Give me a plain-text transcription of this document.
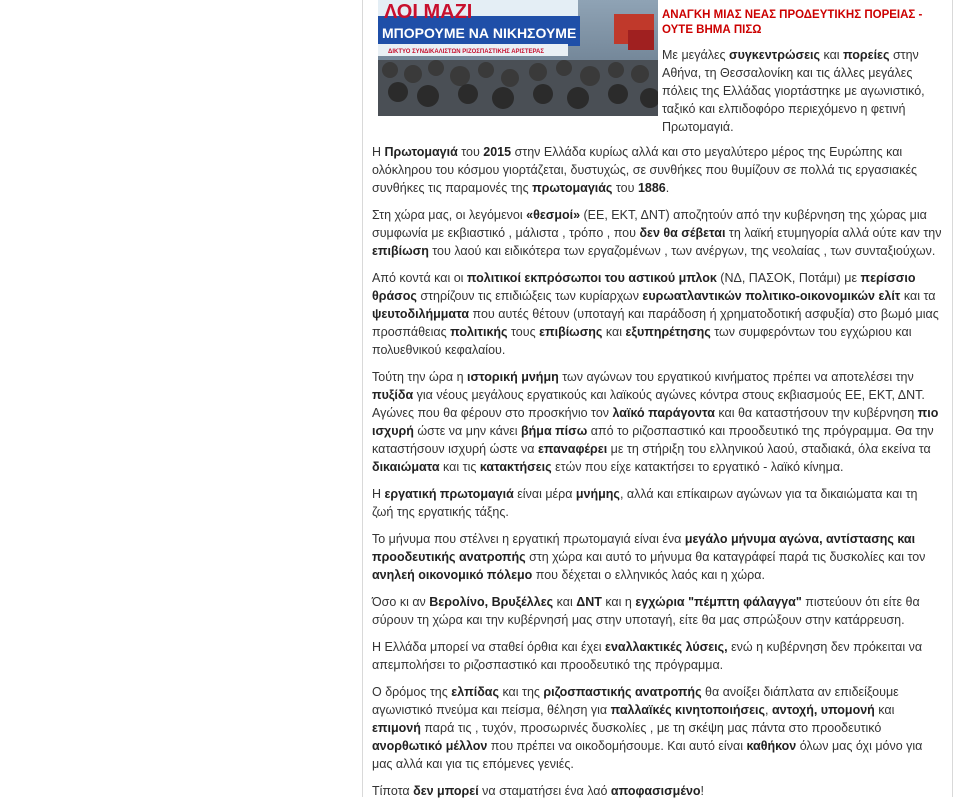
ΛΟΙ ΜΑΖΙ
ΜΠΟΡΟΥΜΕ ΝΑ ΝΙΚΗΣΟΥΜΕ
ΔΙΚΤΥΟ ΣΥΝΔΙΚΑΛΙΣΤΩΝ ΡΙΖΟΣΠΑΣΤΙΚΗΣ ΑΡΙΣΤΕΡΑΣ
ΑΝΑΓΚΗ ΜΙΑΣ ΝΕΑΣ ΠΡΟΔΕΥΤΙΚΗΣ ΠΟΡΕΙΑΣ - ΟΥΤΕ ΒΗΜΑ ΠΙΣΩ

Με μεγάλες συγκεντρώσεις και πορείες στην Αθήνα, τη Θεσσαλονίκη και τις άλλες μεγάλες πόλεις της Ελλάδας γιορτάστηκε με αγωνιστικό, ταξικό και ελπιδοφόρο περιεχόμενο η φετινή Πρωτομαγιά.

Η Πρωτομαγιά του 2015 στην Ελλάδα κυρίως αλλά και στο μεγαλύτερο μέρος της Ευρώπης και ολόκληρου του κόσμου γιορτάζεται, δυστυχώς, σε συνθήκες που θυμίζουν σε πολλά τις εργασιακές συνθήκες τις παραμονές της πρωτομαγιάς του 1886.

Στη χώρα μας, οι λεγόμενοι «θεσμοί» (ΕΕ, ΕΚΤ, ΔΝΤ) αποζητούν από την κυβέρνηση της χώρας μια συμφωνία με εκβιαστικό , μάλιστα , τρόπο , που δεν θα σέβεται τη λαϊκή ετυμηγορία αλλά ούτε καν την επιβίωση του λαού και ειδικότερα των εργαζομένων , των ανέργων, της νεολαίας , των συνταξιούχων.

Από κοντά και οι πολιτικοί εκπρόσωποι του αστικού μπλοκ (ΝΔ, ΠΑΣΟΚ, Ποτάμι) με περίσσιο θράσος στηρίζουν τις επιδιώξεις των κυρίαρχων ευρωατλαντικών πολιτικο-οικονομικών ελίτ και τα ψευτοδιλήμματα που αυτές θέτουν (υποταγή και παράδοση ή χρηματοδοτική ασφυξία) στο βωμό μιας προσπάθειας πολιτικής τους επιβίωσης και εξυπηρέτησης των συμφερόντων του εγχώριου και πολυεθνικού κεφαλαίου.

Τούτη την ώρα η ιστορική μνήμη των αγώνων του εργατικού κινήματος πρέπει να αποτελέσει την πυξίδα για νέους μεγάλους εργατικούς και λαϊκούς αγώνες κόντρα στους εκβιασμούς ΕΕ, ΕΚΤ, ΔΝΤ. Αγώνες που θα φέρουν στο προσκήνιο τον λαϊκό παράγοντα και θα καταστήσουν την κυβέρνηση πιο ισχυρή ώστε να μην κάνει βήμα πίσω από το ριζοσπαστικό και προοδευτικό της πρόγραμμα. Θα την καταστήσουν ισχυρή ώστε να επαναφέρει με τη στήριξη του ελληνικού λαού, σταδιακά, όλα εκείνα τα δικαιώματα και τις κατακτήσεις ετών που είχε κατακτήσει το εργατικό - λαϊκό κίνημα.

Η εργατική πρωτομαγιά είναι μέρα μνήμης, αλλά και επίκαιρων αγώνων για τα δικαιώματα και τη ζωή της εργατικής τάξης.

Το μήνυμα που στέλνει η εργατική πρωτομαγιά είναι ένα μεγάλο μήνυμα αγώνα, αντίστασης και προοδευτικής ανατροπής στη χώρα και αυτό το μήνυμα θα καταγράφεί παρά τις δυσκολίες και τον ανηλεή οικονομικό πόλεμο που δέχεται ο ελληνικός λαός και η χώρα.

Όσο κι αν Βερολίνο, Βρυξέλλες και ΔΝΤ και η εγχώρια "πέμπτη φάλαγγα" πιστεύουν ότι είτε θα σύρουν τη χώρα και την κυβέρνησή μας στην υποταγή, είτε θα μας σπρώξουν στην κατάρρευση.

Η Ελλάδα μπορεί να σταθεί όρθια και έχει εναλλακτικές λύσεις, ενώ η κυβέρνηση δεν πρόκειται να απεμπολήσει το ριζοσπαστικό και προοδευτικό της πρόγραμμα.

Ο δρόμος της ελπίδας και της ριζοσπαστικής ανατροπής θα ανοίξει διάπλατα αν επιδείξουμε αγωνιστικό πνεύμα και πείσμα, θέληση για παλλαϊκές κινητοποιήσεις, αντοχή, υπομονή και επιμονή παρά τις , τυχόν, προσωρινές δυσκολίες , με τη σκέψη μας πάντα στο προοδευτικό ανορθωτικό μέλλον που πρέπει να οικοδομήσουμε. Και αυτό είναι καθήκον όλων μας όχι μόνο για μας αλλά και για τις επόμενες γενιές.

Τίποτα δεν μπορεί να σταματήσει ένα λαό αποφασισμένο!
